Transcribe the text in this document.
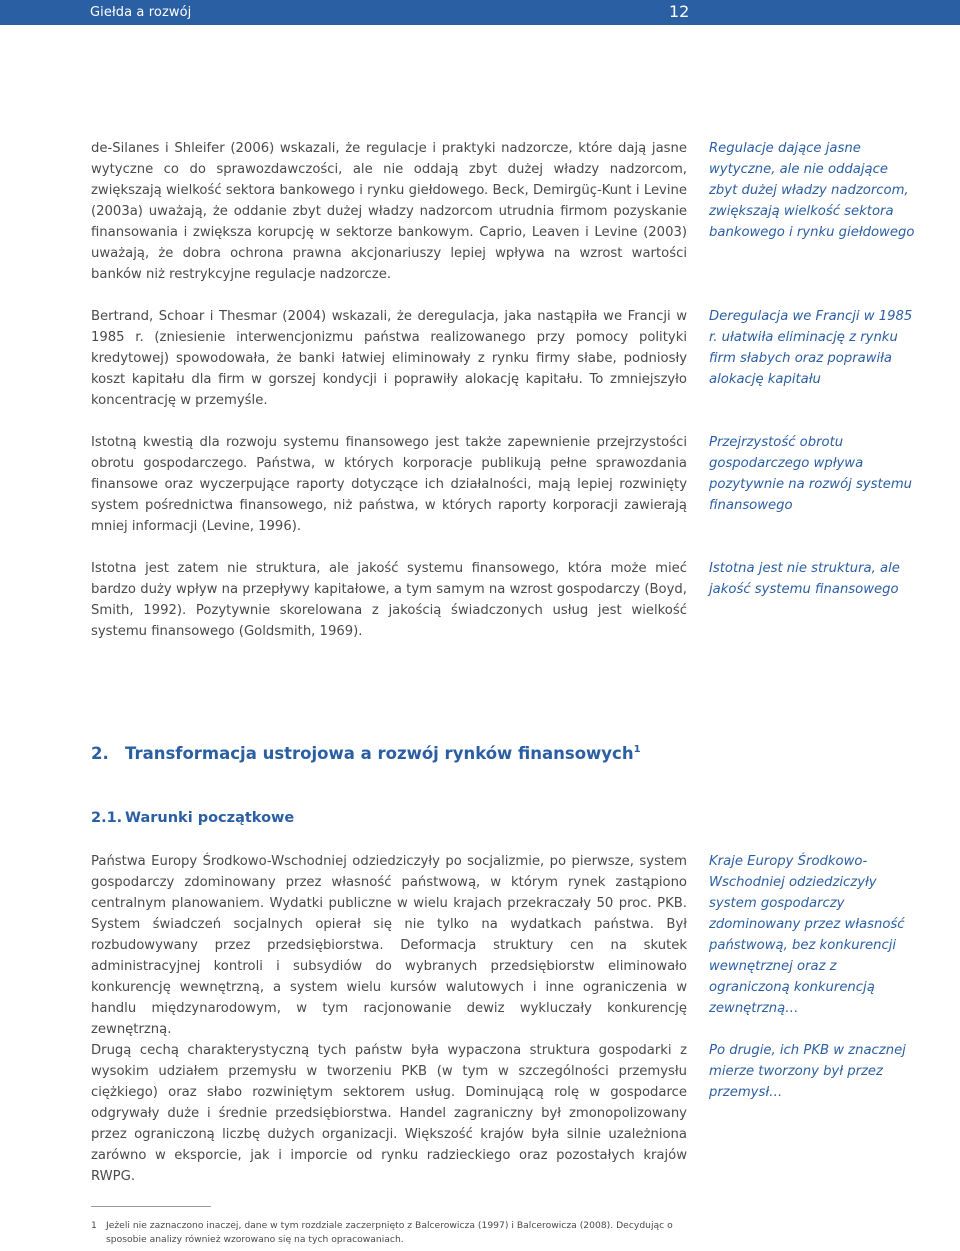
Giełda a rozwój	12

de-Silanes i Shleifer (2006) wskazali, że regulacje i praktyki nadzorcze, które dają jasne wytyczne co do sprawozdawczości, ale nie oddają zbyt dużej władzy nadzorcom, zwiększają wielkość sektora bankowego i rynku giełdowego. Beck, Demirgüç-Kunt i Levine (2003a) uważają, że oddanie zbyt dużej władzy nadzorcom utrudnia firmom pozyskanie finansowania i zwiększa korupcję w sektorze bankowym. Caprio, Leaven i Levine (2003) uważają, że dobra ochrona prawna akcjonariuszy lepiej wpływa na wzrost wartości banków niż restrykcyjne regulacje nadzorcze.

Regulacje dające jasne wytyczne, ale nie oddające zbyt dużej władzy nadzorcom, zwiększają wielkość sektora bankowego i rynku giełdowego

Bertrand, Schoar i Thesmar (2004) wskazali, że deregulacja, jaka nastąpiła we Francji w 1985 r. (zniesienie interwencjonizmu państwa realizowanego przy pomocy polityki kredytowej) spowodowała, że banki łatwiej eliminowały z rynku firmy słabe, podniosły koszt kapitału dla firm w gorszej kondycji i poprawiły alokację kapitału. To zmniejszyło koncentrację w przemyśle.

Deregulacja we Francji w 1985 r. ułatwiła eliminację z rynku firm słabych oraz poprawiła alokację kapitału

Istotną kwestią dla rozwoju systemu finansowego jest także zapewnienie przejrzystości obrotu gospodarczego. Państwa, w których korporacje publikują pełne sprawozdania finansowe oraz wyczerpujące raporty dotyczące ich działalności, mają lepiej rozwinięty system pośrednictwa finansowego, niż państwa, w których raporty korporacji zawierają mniej informacji (Levine, 1996).

Przejrzystość obrotu gospodarczego wpływa pozytywnie na rozwój systemu finansowego

Istotna jest zatem nie struktura, ale jakość systemu finansowego, która może mieć bardzo duży wpływ na przepływy kapitałowe, a tym samym na wzrost gospodarczy (Boyd, Smith, 1992). Pozytywnie skorelowana z jakością świadczonych usług jest wielkość systemu finansowego (Goldsmith, 1969).

Istotna jest nie struktura, ale jakość systemu finansowego

2. Transformacja ustrojowa a rozwój rynków finansowych$^1$
2.1. Warunki początkowe

Państwa Europy Środkowo-Wschodniej odziedziczyły po socjalizmie, po pierwsze, system gospodarczy zdominowany przez własność państwową, w którym rynek zastąpiono centralnym planowaniem. Wydatki publiczne w wielu krajach przekraczały 50 proc. PKB. System świadczeń socjalnych opierał się nie tylko na wydatkach państwa. Był rozbudowywany przez przedsiębiorstwa. Deformacja struktury cen na skutek administracyjnej kontroli i subsydiów do wybranych przedsiębiorstw eliminowało konkurencję wewnętrzną, a system wielu kursów walutowych i inne ograniczenia w handlu międzynarodowym, w tym racjonowanie dewiz wykluczały konkurencję zewnętrzną.

Kraje Europy Środkowo-Wschodniej odziedziczyły system gospodarczy zdominowany przez własność państwową, bez konkurencji wewnętrznej oraz z ograniczoną konkurencją zewnętrzną…

Drugą cechą charakterystyczną tych państw była wypaczona struktura gospodarki z wysokim udziałem przemysłu w tworzeniu PKB (w tym w szczególności przemysłu ciężkiego) oraz słabo rozwiniętym sektorem usług. Dominującą rolę w gospodarce odgrywały duże i średnie przedsiębiorstwa. Handel zagraniczny był zmonopolizowany przez ograniczoną liczbę dużych organizacji. Większość krajów była silnie uzależniona zarówno w eksporcie, jak i imporcie od rynku radzieckiego oraz pozostałych krajów RWPG.

Po drugie, ich PKB w znacznej mierze tworzony był przez przemysł…

1 Jeżeli nie zaznaczono inaczej, dane w tym rozdziale zaczerpnięto z Balcerowicza (1997) i Balcerowicza (2008). Decydując o sposobie analizy również wzorowano się na tych opracowaniach.
